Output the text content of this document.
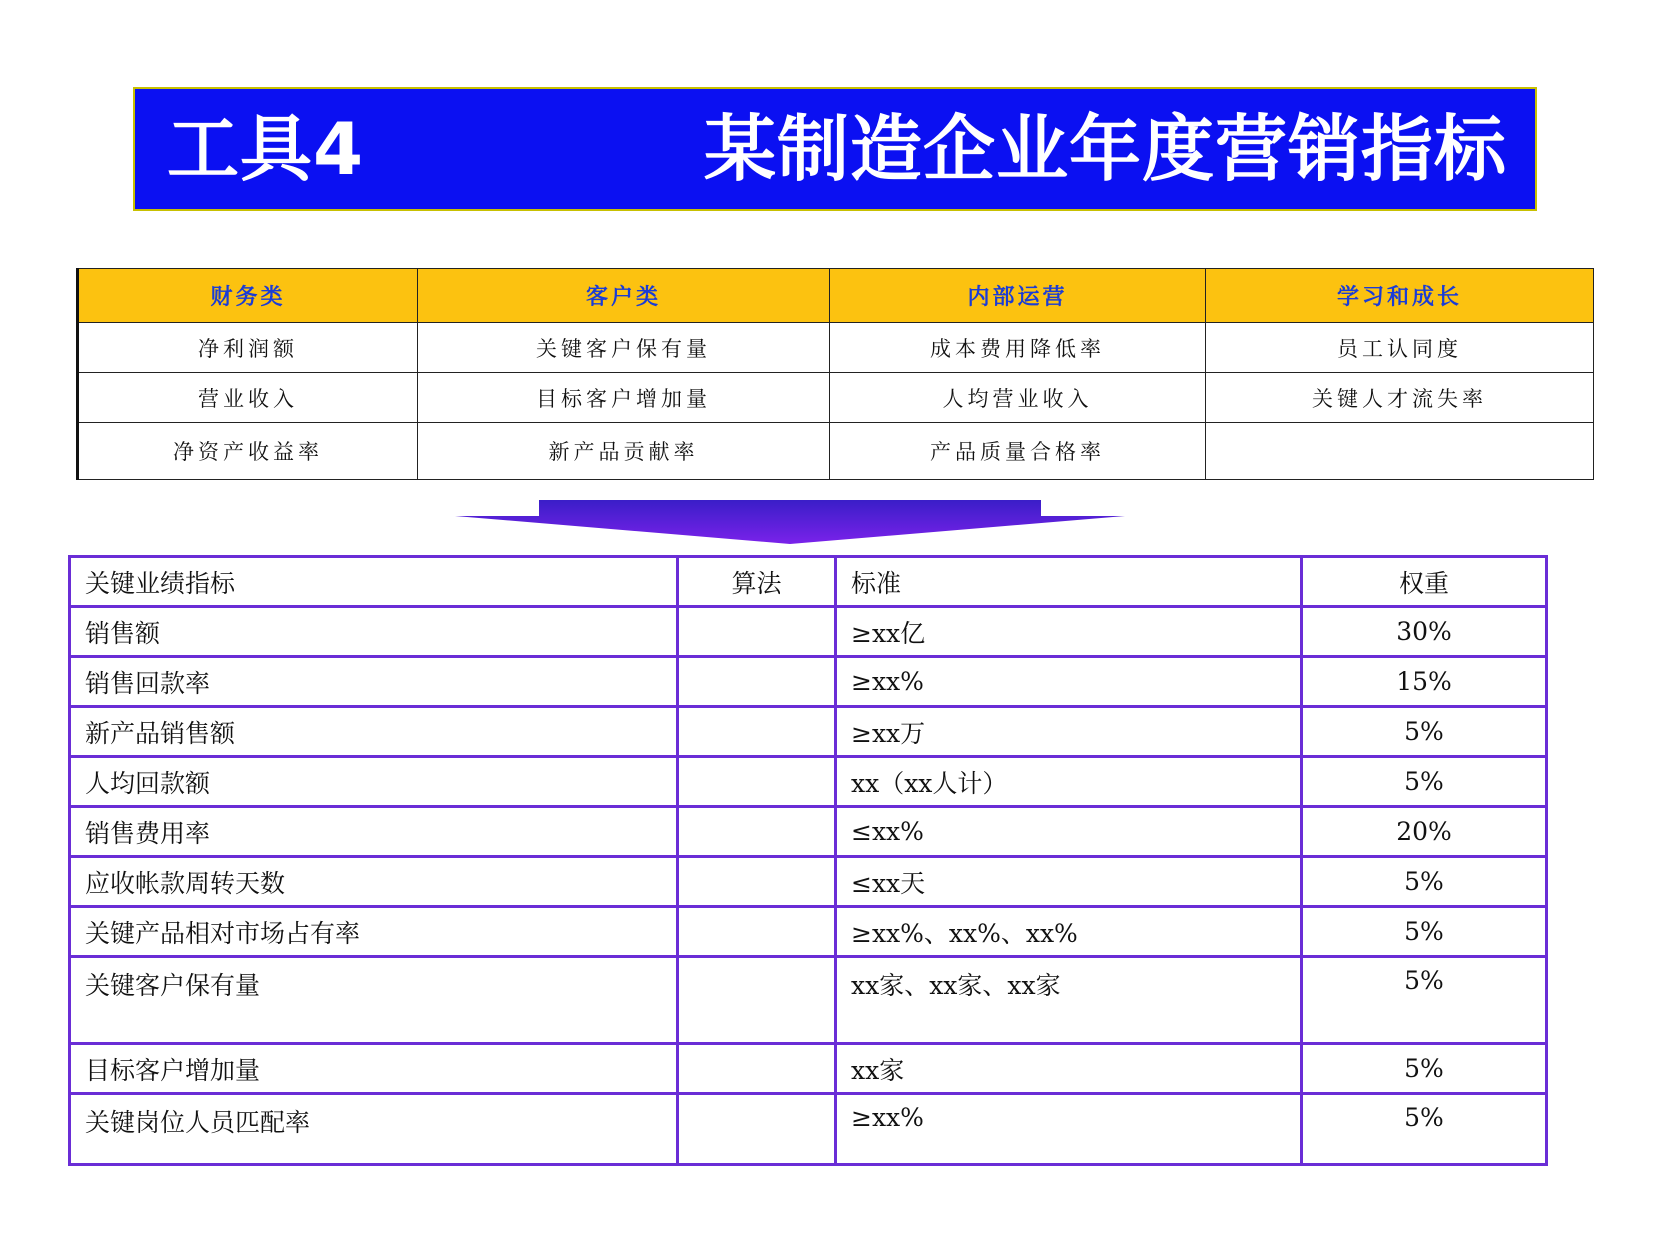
工具4	某制造企业年度营销指标
财务类	客户类	内部运营	学习和成长
净利润额	关键客户保有量	成本费用降低率	员工认同度
营业收入	目标客户增加量	人均营业收入	关键人才流失率
净资产收益率	新产品贡献率	产品质量合格率	
关键业绩指标	算法	标准	权重
销售额		≥xx亿	30%
销售回款率		≥xx%	15%
新产品销售额		≥xx万	5%
人均回款额		xx（xx人计）	5%
销售费用率		≤xx%	20%
应收帐款周转天数		≤xx天	5%
关键产品相对市场占有率		≥xx%、xx%、xx%	5%
关键客户保有量		xx家、xx家、xx家	5%
目标客户增加量		xx家	5%
关键岗位人员匹配率		≥xx%	5%
